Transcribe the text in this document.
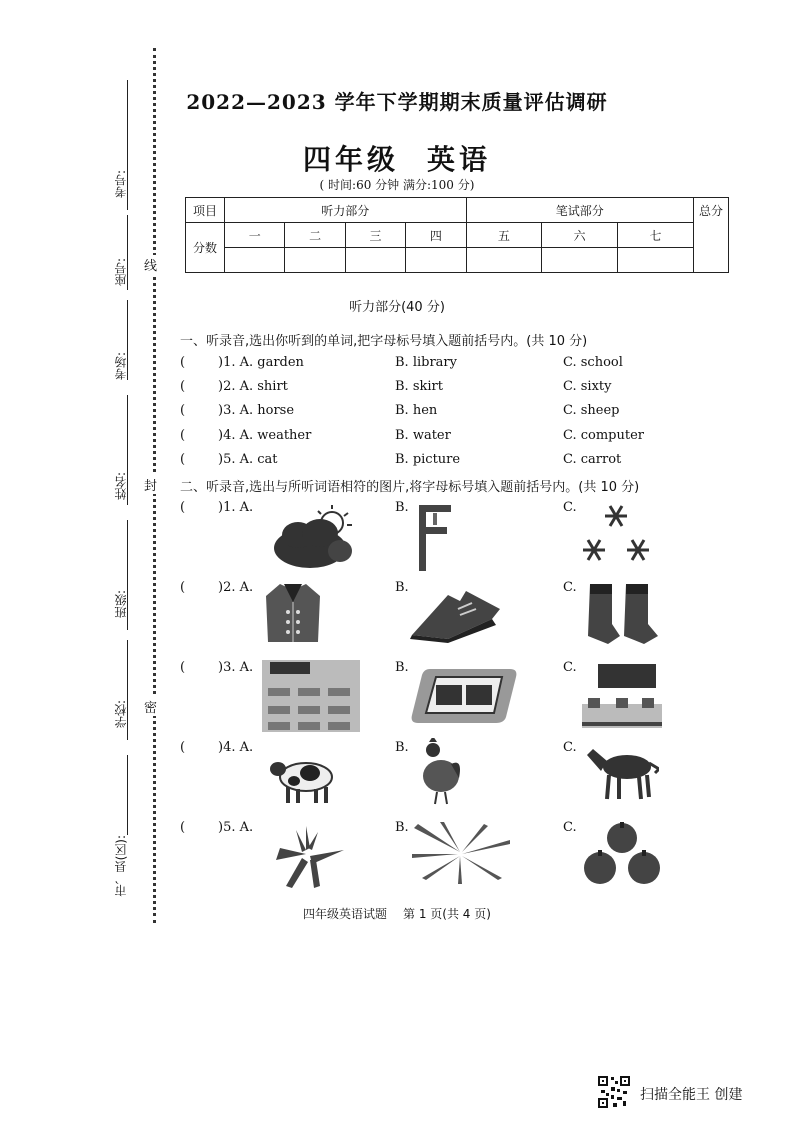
线
封
密
考号:
座号:
考场:
姓名:
班级:
学校:
市、县(区):
2022—2023 学年下学期期末质量评估调研
四年级 英语
( 时间:60 分钟 满分:100 分)
项目	听力部分				笔试部分			总分
分数	一	二	三	四	五	六	七	

听力部分(40 分)
一、听录音,选出你听到的单词,把字母标号填入题前括号内。(共 10 分)
(	)1. A. garden	B. library	C. school
(	)2. A. shirt	B. skirt	C. sixty
(	)3. A. horse	B. hen	C. sheep
(	)4. A. weather	B. water	C. computer
(	)5. A. cat	B. picture	C. carrot
二、听录音,选出与所听词语相符的图片,将字母标号填入题前括号内。(共 10 分)
(	)1. A.	B.	C.
(	)2. A.	B.	C.
(	)3. A.	B.	C.
(	)4. A.	B.	C.
(	)5. A.	B.	C.
四年级英语试题 第 1 页(共 4 页)
扫描全能王 创建
